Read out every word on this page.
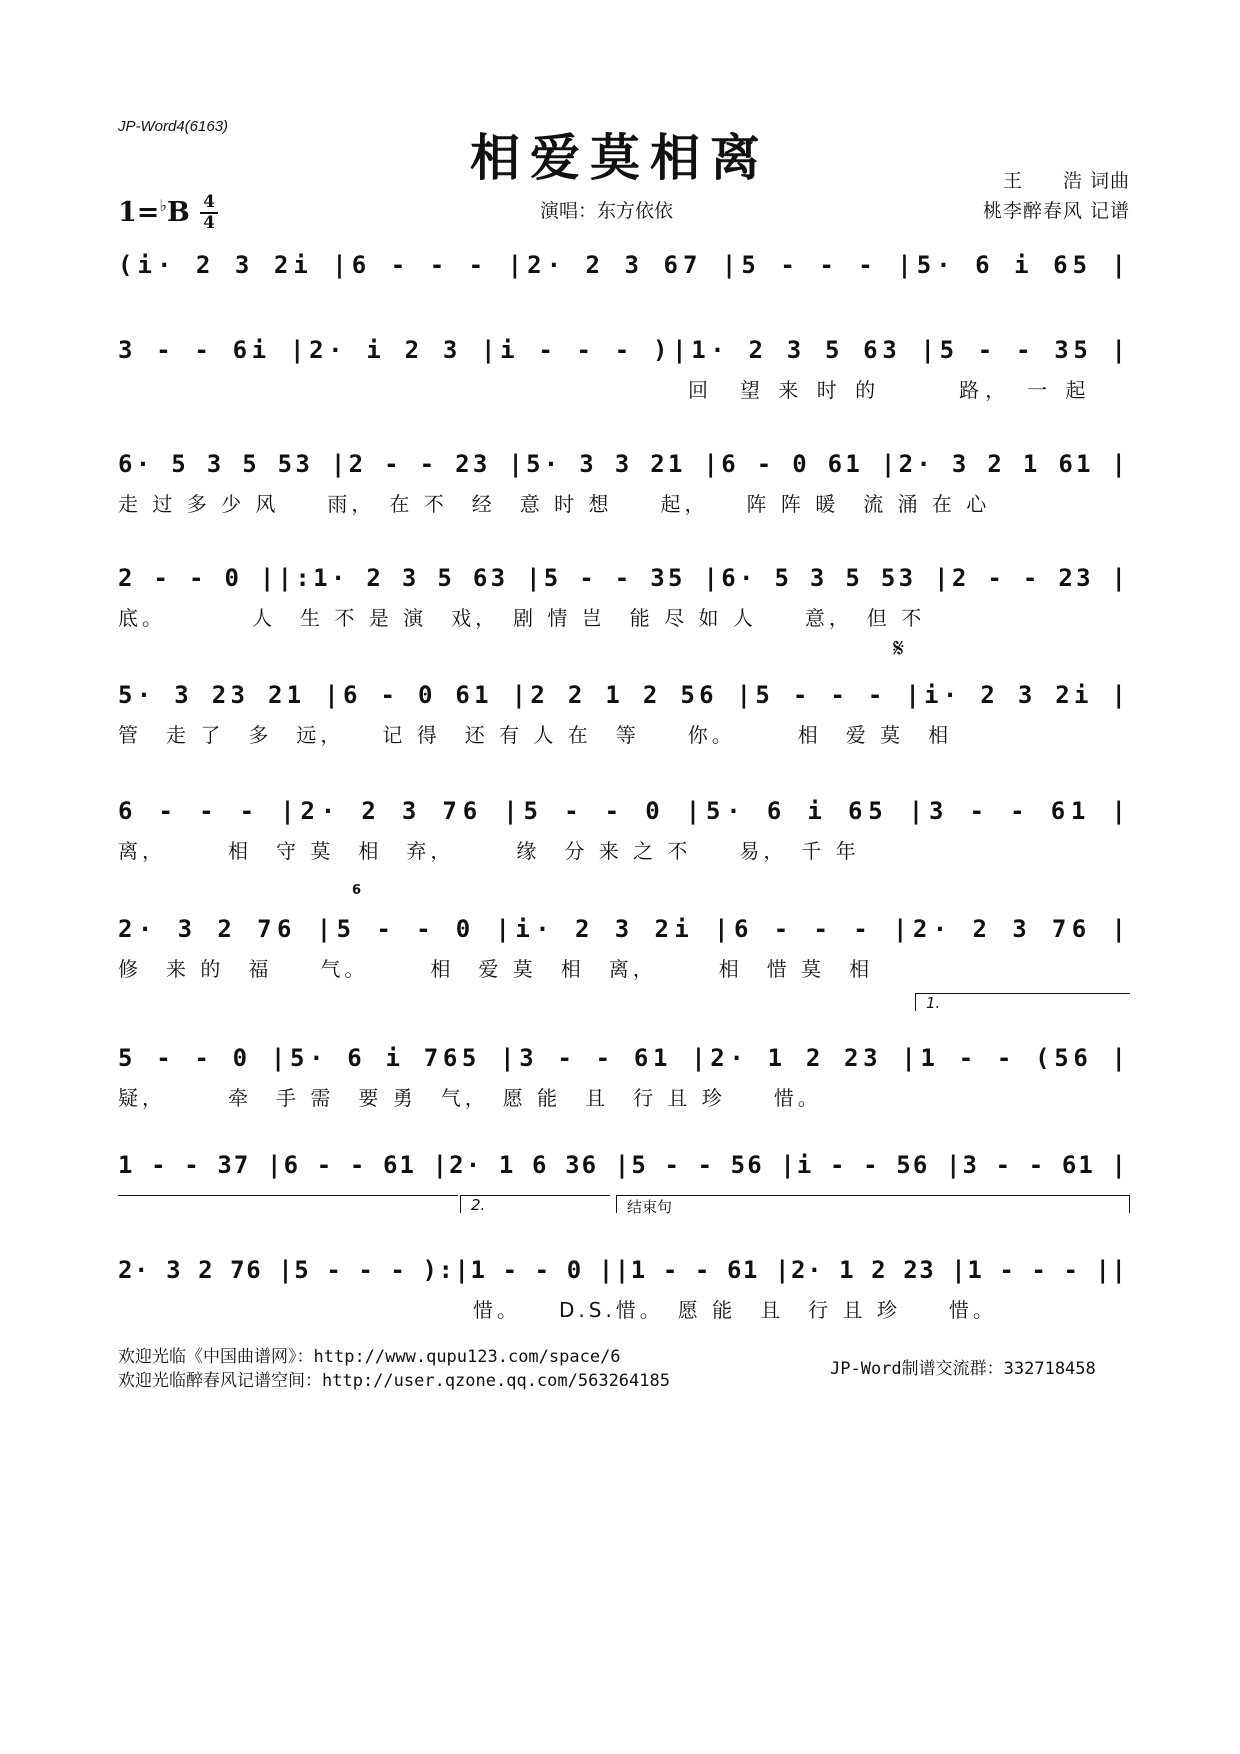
JP-Word4(6163)
相爱莫相离
1=♭B 4
4
演唱：东方依依
王　　浩 词曲
桃李醉春风 记谱
(i· 2 3 2i |6 - - - |2· 2 3 67 |5 - - - |5· 6 i 65 |
3 - - 6i |2· i 2 3 |i - - - )|1· 2 3 5 63 |5 - - 35 |
回　望 来 时 的　　　路，　一 起
6· 5 3 5 53 |2 - - 23 |5· 3 3 21 |6 - 0 61 |2· 3 2 1 61 |
走 过 多 少 风　　雨，　在 不　经　意 时 想　　起，　　阵 阵 暖　流 涌 在 心
2 - - 0 ||:1· 2 3 5 63 |5 - - 35 |6· 5 3 5 53 |2 - - 23 |
底。　　　　人　生 不 是 演　戏，　剧 情 岂　能 尽 如 人　　意，　但 不
5· 3 23 21 |6 - 0 61 |2 2 1 2 56 |5 - - - |i· 2 3 2i |
管　走 了　多　远，　　记 得　还 有 人 在　等　　你。　　　相　爱 莫　相
6 - - - |2· 2 3 76 |5 - - 0 |5· 6 i 65 |3 - - 61 |
离，　　　相　守 莫　相　弃，　　　缘　分 来 之 不　　易，　千 年
2· 3 2 76 |5 - - 0 |i· 2 3 2i |6 - - - |2· 2 3 76 |
修　来 的　福　　气。　　　相　爱 莫　相　离，　　　相　惜 莫　相
5 - - 0 |5· 6 i 765 |3 - - 61 |2· 1 2 23 |1 - - (56 |
疑，　　　牵　手 需　要 勇　气，　愿 能　且　行 且 珍　　惜。
1 - - 37 |6 - - 61 |2· 1 6 36 |5 - - 56 |i - - 56 |3 - - 61 |
2· 3 2 76 |5 - - - ):|1 - - 0 ||1 - - 61 |2· 1 2 23 |1 - - - ||
惜。　　D.S.惜。　愿 能　且　行 且 珍　　惜。
𝄋
6
1.
2.	结束句
欢迎光临《中国曲谱网》：http://www.qupu123.com/space/6
欢迎光临醉春风记谱空间：http://user.qzone.qq.com/563264185
JP-Word制谱交流群：332718458
